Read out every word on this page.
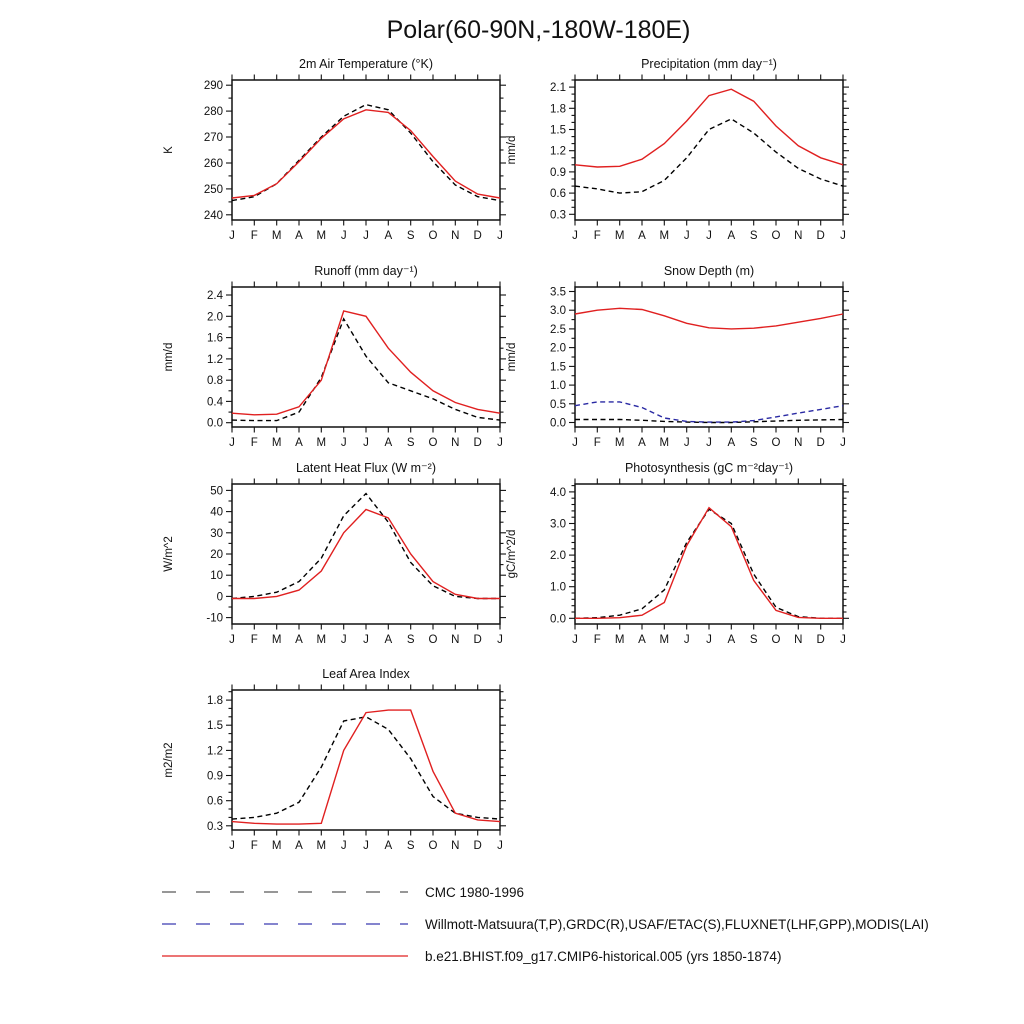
Polar(60-90N,-180W-180E)
2m Air Temperature (°K)
K
240
250
260
270
280
290
J F M A M J J A S O N D J
Precipitation (mm day⁻¹)
mm/d
0.3
0.6
0.9
1.2
1.5
1.8
2.1
J F M A M J J A S O N D J
Runoff (mm day⁻¹)
mm/d
0.0
0.4
0.8
1.2
1.6
2.0
2.4
J F M A M J J A S O N D J
Snow Depth (m)
mm/d
0.0
0.5
1.0
1.5
2.0
2.5
3.0
3.5
J F M A M J J A S O N D J
Latent Heat Flux (W m⁻²)
W/m^2
-10
0
10
20
30
40
50
J F M A M J J A S O N D J
Photosynthesis (gC m⁻²day⁻¹)
gC/m^2/d
0.0
1.0
2.0
3.0
4.0
J F M A M J J A S O N D J
Leaf Area Index
m2/m2
0.3
0.6
0.9
1.2
1.5
1.8
J F M A M J J A S O N D J
CMC 1980-1996
Willmott-Matsuura(T,P),GRDC(R),USAF/ETAC(S),FLUXNET(LHF,GPP),MODIS(LAI)
b.e21.BHIST.f09_g17.CMIP6-historical.005 (yrs 1850-1874)
